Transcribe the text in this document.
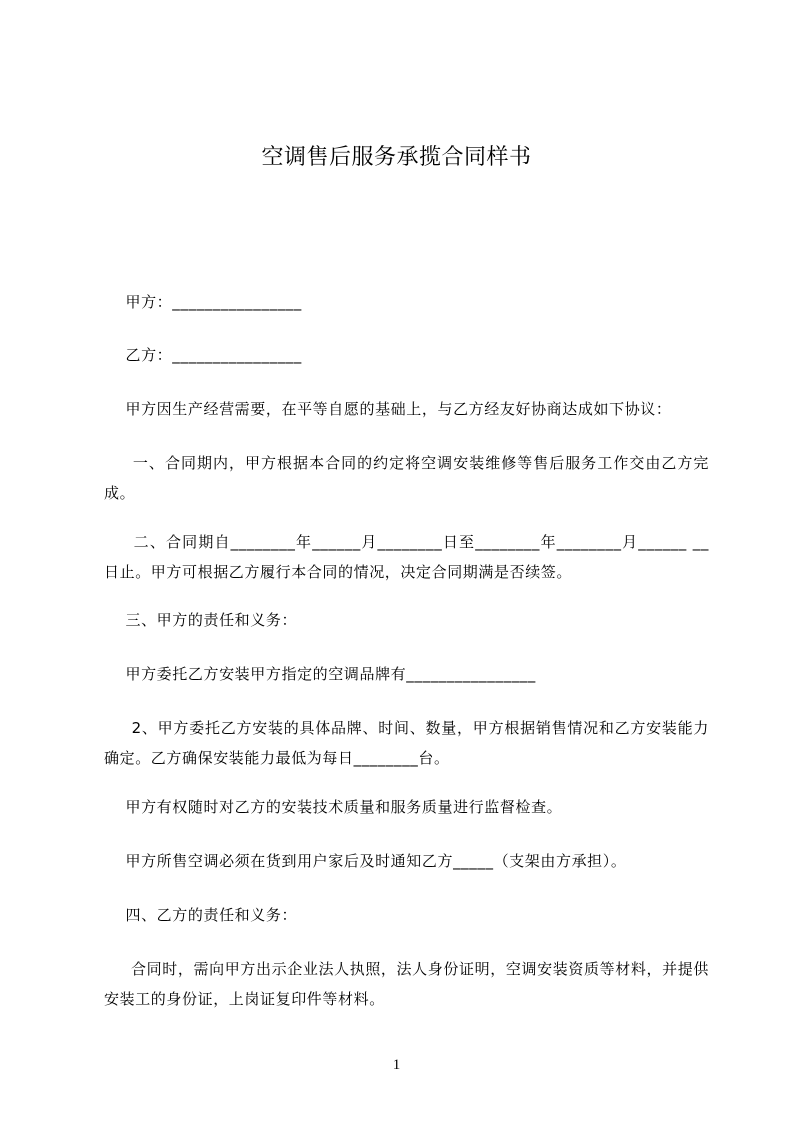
空调售后服务承揽合同样书
甲方：________________
乙方：________________
甲方因生产经营需要，在平等自愿的基础上，与乙方经友好协商达成如下协议：
一、合同期内，甲方根据本合同的约定将空调安装维修等售后服务工作交由乙方完成。
二、合同期自________年______月________日至________年________月______ __日止。甲方可根据乙方履行本合同的情况，决定合同期满是否续签。
三、甲方的责任和义务：
甲方委托乙方安装甲方指定的空调品牌有________________
2、甲方委托乙方安装的具体品牌、时间、数量，甲方根据销售情况和乙方安装能力确定。乙方确保安装能力最低为每日________台。
甲方有权随时对乙方的安装技术质量和服务质量进行监督检查。
甲方所售空调必须在货到用户家后及时通知乙方_____（支架由方承担）。
四、乙方的责任和义务：
合同时，需向甲方出示企业法人执照，法人身份证明，空调安装资质等材料，并提供安装工的身份证，上岗证复印件等材料。
1
